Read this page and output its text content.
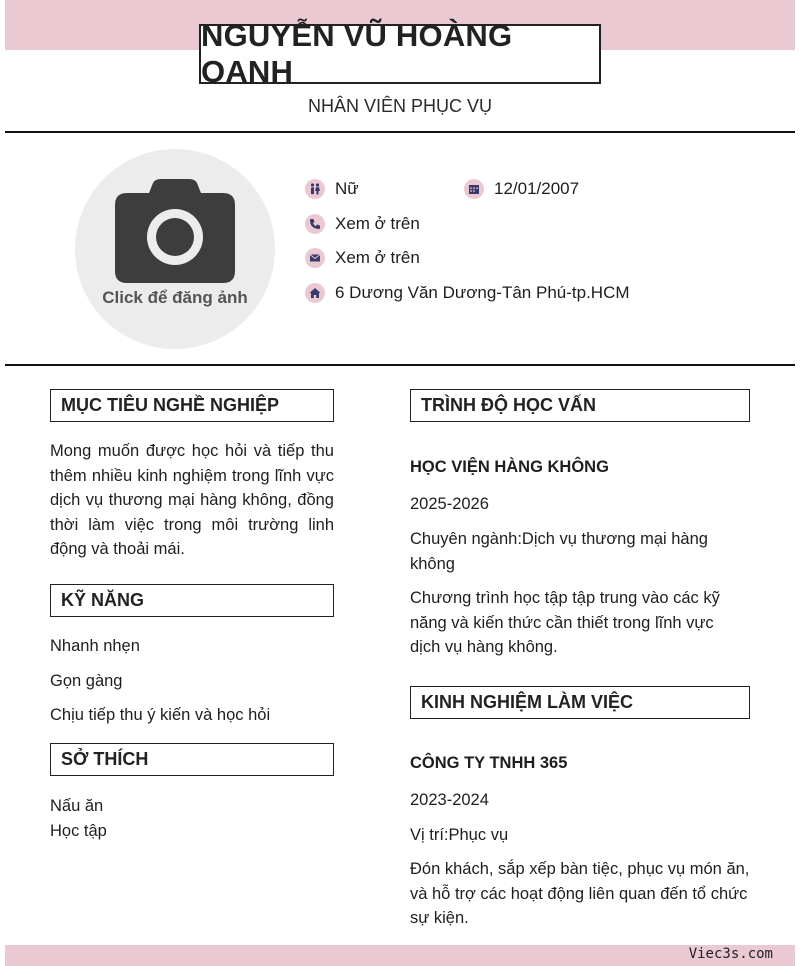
NGUYỄN VŨ HOÀNG OANH
NHÂN VIÊN PHỤC VỤ
Click để đăng ảnh
Nữ	12/01/2007
Xem ở trên
Xem ở trên
6 Dương Văn Dương-Tân Phú-tp.HCM
MỤC TIÊU NGHỀ NGHIỆP
Mong muốn được học hỏi và tiếp thu thêm nhiều kinh nghiệm trong lĩnh vực dịch vụ thương mại hàng không, đồng thời làm việc trong môi trường linh động và thoải mái.
KỸ NĂNG
Nhanh nhẹn
Gọn gàng
Chịu tiếp thu ý kiến và học hỏi
SỞ THÍCH
Nấu ăn
Học tập
TRÌNH ĐỘ HỌC VẤN
HỌC VIỆN HÀNG KHÔNG
2025-2026
Chuyên ngành:Dịch vụ thương mại hàng không
Chương trình học tập tập trung vào các kỹ năng và kiến thức cần thiết trong lĩnh vực dịch vụ hàng không.
KINH NGHIỆM LÀM VIỆC
CÔNG TY TNHH 365
2023-2024
Vị trí:Phục vụ
Đón khách, sắp xếp bàn tiệc, phục vụ món ăn, và hỗ trợ các hoạt động liên quan đến tổ chức sự kiện.
Viec3s.com
